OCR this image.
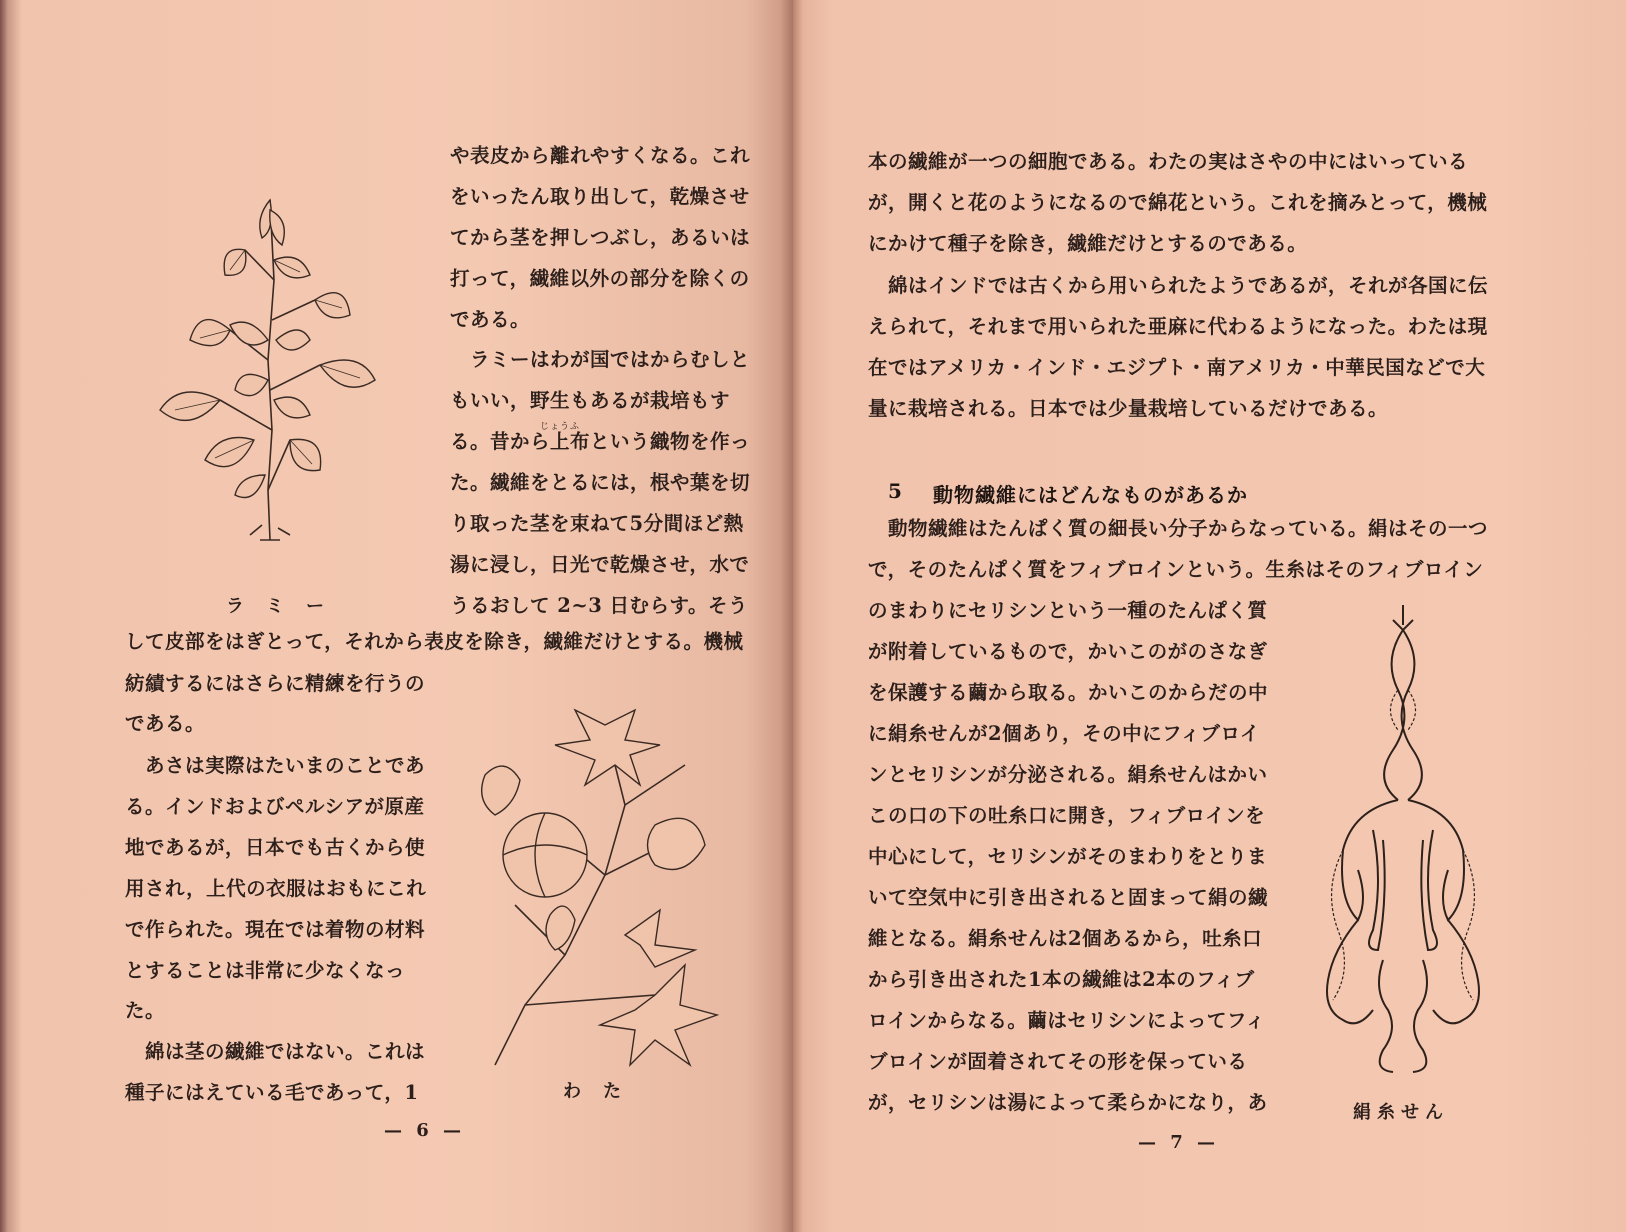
ラミー
わた
や表皮から離れやすくなる。これ
をいったん取り出して，乾燥させ
てから茎を押しつぶし，あるいは
打って，繊維以外の部分を除くの
である。
ラミーはわが国ではからむしと
もいい，野生もあるが栽培もす
じょうふ
る。昔から上布という織物を作っ
た。繊維をとるには，根や葉を切
り取った茎を束ねて5分間ほど熱
湯に浸し，日光で乾燥させ，水で
うるおして 2~3 日むらす。そう
して皮部をはぎとって，それから表皮を除き，繊維だけとする。機械
紡績するにはさらに精練を行うの
である。
あさは実際はたいまのことであ
る。インドおよびペルシアが原産
地であるが，日本でも古くから使
用され，上代の衣服はおもにこれ
で作られた。現在では着物の材料
とすることは非常に少なくなっ
た。
綿は茎の繊維ではない。これは
種子にはえている毛であって，1
— 6 —
本の繊維が一つの細胞である。わたの実はさやの中にはいっている
が，開くと花のようになるので綿花という。これを摘みとって，機械
にかけて種子を除き，繊維だけとするのである。
綿はインドでは古くから用いられたようであるが，それが各国に伝
えられて，それまで用いられた亜麻に代わるようになった。わたは現
在ではアメリカ・インド・エジプト・南アメリカ・中華民国などで大
量に栽培される。日本では少量栽培しているだけである。
5 動物繊維にはどんなものがあるか
動物繊維はたんぱく質の細長い分子からなっている。絹はその一つ
で，そのたんぱく質をフィブロインという。生糸はそのフィブロイン
のまわりにセリシンという一種のたんぱく質
が附着しているもので，かいこのがのさなぎ
を保護する繭から取る。かいこのからだの中
に絹糸せんが2個あり，その中にフィブロイ
ンとセリシンが分泌される。絹糸せんはかい
この口の下の吐糸口に開き，フィブロインを
中心にして，セリシンがそのまわりをとりま
いて空気中に引き出されると固まって絹の繊
維となる。絹糸せんは2個あるから，吐糸口
から引き出された1本の繊維は2本のフィブ
ロインからなる。繭はセリシンによってフィ
ブロインが固着されてその形を保っている
が，セリシンは湯によって柔らかになり，あ	絹糸せん
— 7 —
